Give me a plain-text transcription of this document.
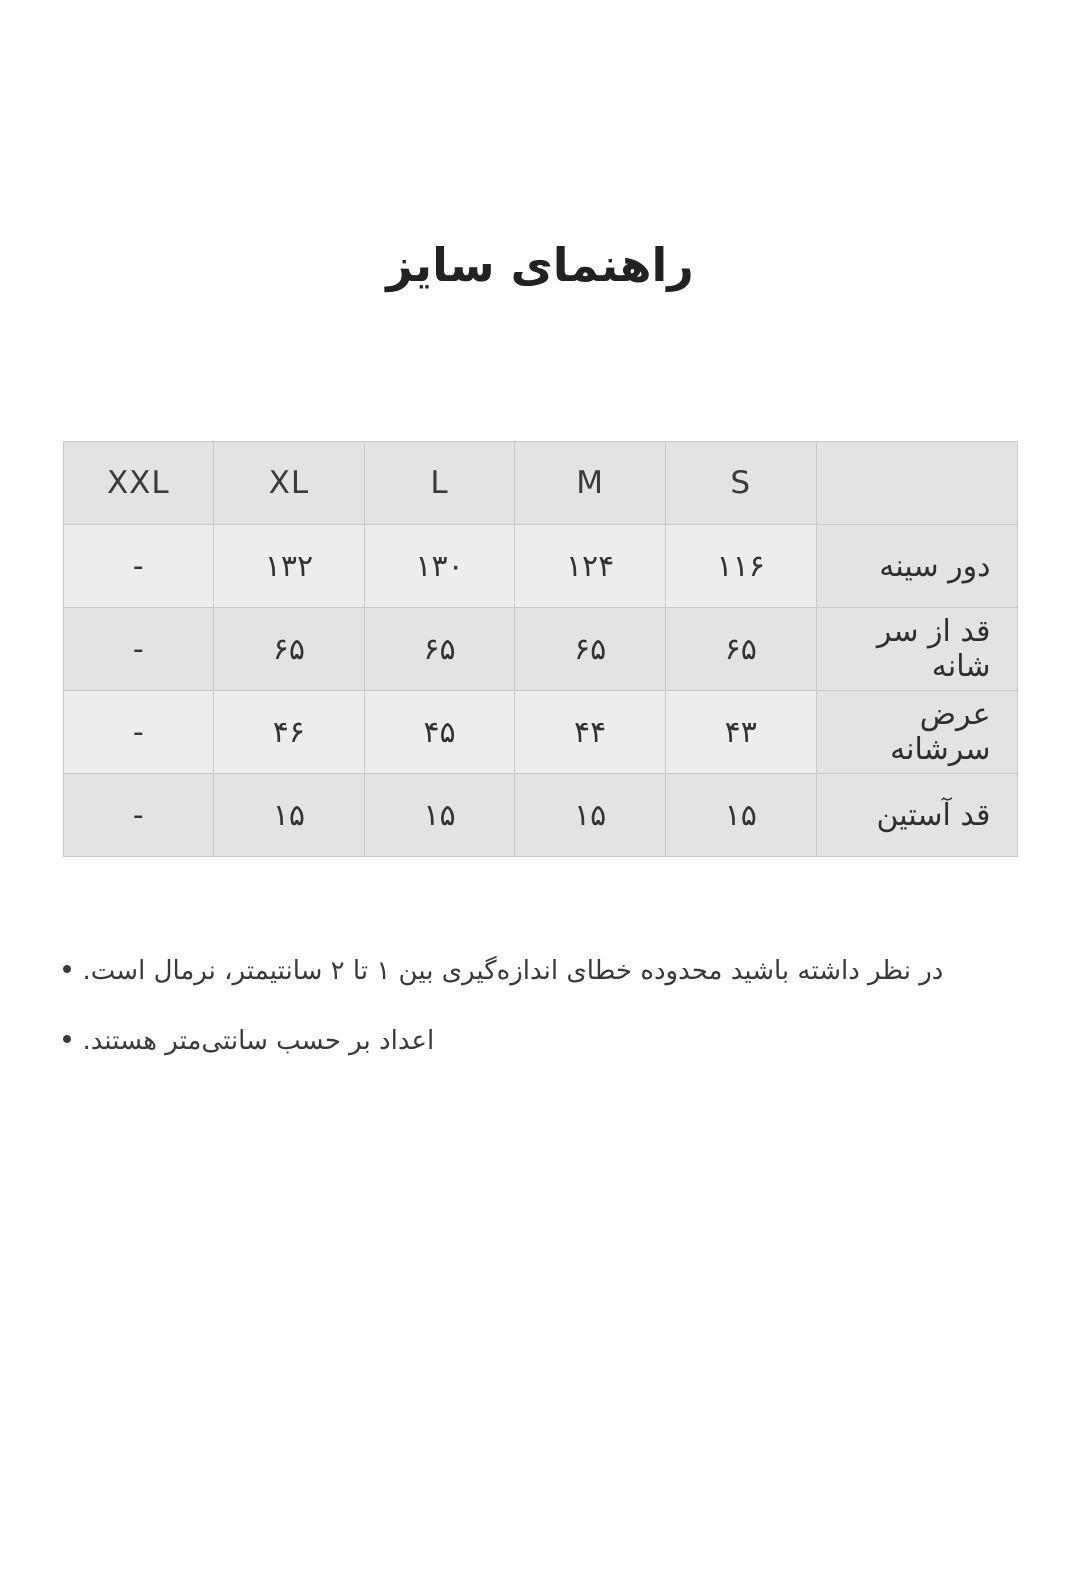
راهنمای سایز
	S	M	L	XL	XXL
دور سینه	۱۱۶	۱۲۴	۱۳۰	۱۳۲	-
قد از سر شانه	۶۵	۶۵	۶۵	۶۵	-
عرض سرشانه	۴۳	۴۴	۴۵	۴۶	-
قد آستین	۱۵	۱۵	۱۵	۱۵	-
در نظر داشته باشید محدوده خطای اندازه‌گیری بین ۱ تا ۲ سانتیمتر، نرمال است.
اعداد بر حسب سانتی‌متر هستند.
